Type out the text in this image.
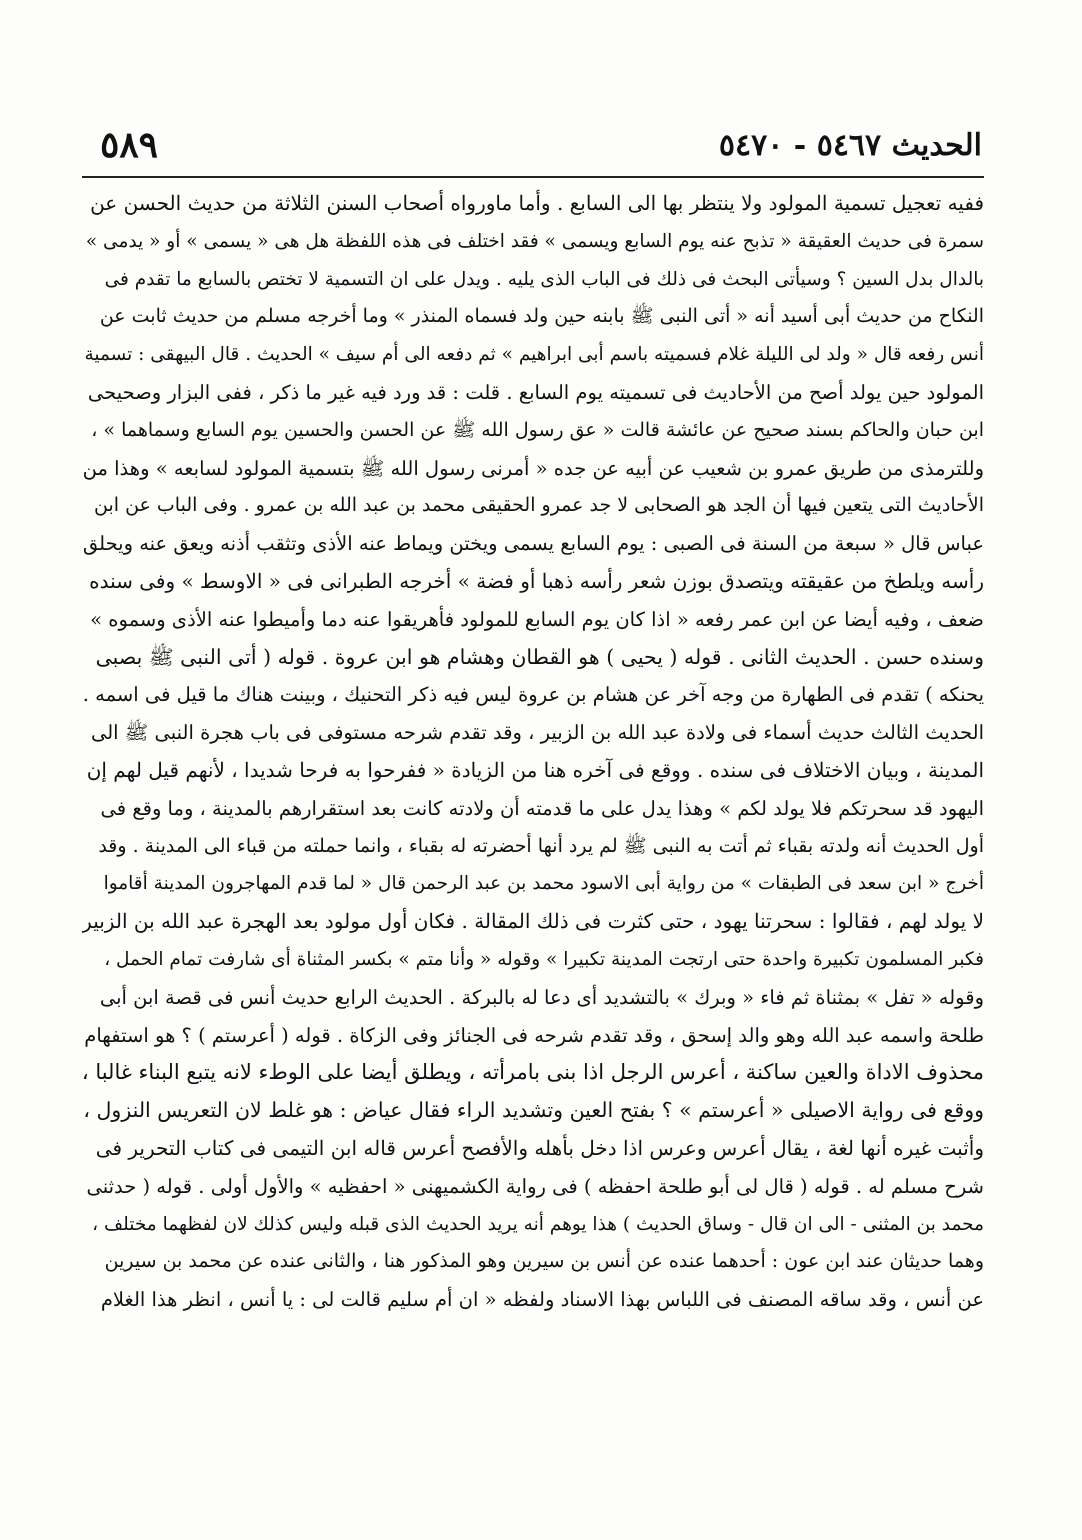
الحديث ٥٤٦٧ - ٥٤٧٠
٥٨٩
ففيه تعجيل تسمية المولود ولا ينتظر بها الى السابع . وأما ماورواه أصحاب السنن الثلاثة من حديث الحسن عن
سمرة فى حديث العقيقة « تذبح عنه يوم السابع ويسمى » فقد اختلف فى هذه اللفظة هل هى « يسمى » أو « يدمى »
بالدال بدل السين ؟ وسيأتى البحث فى ذلك فى الباب الذى يليه . ويدل على ان التسمية لا تختص بالسابع ما تقدم فى
النكاح من حديث أبى أسيد أنه « أتى النبى ﷺ بابنه حين ولد فسماه المنذر » وما أخرجه مسلم من حديث ثابت عن
أنس رفعه قال « ولد لى الليلة غلام فسميته باسم أبى ابراهيم » ثم دفعه الى أم سيف » الحديث . قال البيهقى : تسمية
المولود حين يولد أصح من الأحاديث فى تسميته يوم السابع . قلت : قد ورد فيه غير ما ذكر ، ففى البزار وصحيحى
ابن حبان والحاكم بسند صحيح عن عائشة قالت « عق رسول الله ﷺ عن الحسن والحسين يوم السابع وسماهما » ،
وللترمذى من طريق عمرو بن شعيب عن أبيه عن جده « أمرنى رسول الله ﷺ بتسمية المولود لسابعه » وهذا من
الأحاديث التى يتعين فيها أن الجد هو الصحابى لا جد عمرو الحقيقى محمد بن عبد الله بن عمرو . وفى الباب عن ابن
عباس قال « سبعة من السنة فى الصبى : يوم السابع يسمى ويختن ويماط عنه الأذى وتثقب أذنه ويعق عنه ويحلق
رأسه ويلطخ من عقيقته ويتصدق بوزن شعر رأسه ذهبا أو فضة » أخرجه الطبرانى فى « الاوسط » وفى سنده
ضعف ، وفيه أيضا عن ابن عمر رفعه « اذا كان يوم السابع للمولود فأهريقوا عنه دما وأميطوا عنه الأذى وسموه »
وسنده حسن . الحديث الثانى . قوله ( يحيى ) هو القطان وهشام هو ابن عروة . قوله ( أتى النبى ﷺ بصبى
يحنكه ) تقدم فى الطهارة من وجه آخر عن هشام بن عروة ليس فيه ذكر التحنيك ، وبينت هناك ما قيل فى اسمه .
الحديث الثالث حديث أسماء فى ولادة عبد الله بن الزبير ، وقد تقدم شرحه مستوفى فى باب هجرة النبى ﷺ الى
المدينة ، وبيان الاختلاف فى سنده . ووقع فى آخره هنا من الزيادة « ففرحوا به فرحا شديدا ، لأنهم قيل لهم إن
اليهود قد سحرتكم فلا يولد لكم » وهذا يدل على ما قدمته أن ولادته كانت بعد استقرارهم بالمدينة ، وما وقع فى
أول الحديث أنه ولدته بقباء ثم أتت به النبى ﷺ لم يرد أنها أحضرته له بقباء ، وانما حملته من قباء الى المدينة . وقد
أخرج « ابن سعد فى الطبقات » من رواية أبى الاسود محمد بن عبد الرحمن قال « لما قدم المهاجرون المدينة أقاموا
لا يولد لهم ، فقالوا : سحرتنا يهود ، حتى كثرت فى ذلك المقالة . فكان أول مولود بعد الهجرة عبد الله بن الزبير
فكبر المسلمون تكبيرة واحدة حتى ارتجت المدينة تكبيرا » وقوله « وأنا متم » بكسر المثناة أى شارفت تمام الحمل ،
وقوله « تفل » بمثناة ثم فاء « وبرك » بالتشديد أى دعا له بالبركة . الحديث الرابع حديث أنس فى قصة ابن أبى
طلحة واسمه عبد الله وهو والد إسحق ، وقد تقدم شرحه فى الجنائز وفى الزكاة . قوله ( أعرستم ) ؟ هو استفهام
محذوف الاداة والعين ساكنة ، أعرس الرجل اذا بنى بامرأته ، ويطلق أيضا على الوطء لانه يتبع البناء غالبا ،
ووقع فى رواية الاصيلى « أعرستم » ؟ بفتح العين وتشديد الراء فقال عياض : هو غلط لان التعريس النزول ،
وأثبت غيره أنها لغة ، يقال أعرس وعرس اذا دخل بأهله والأفصح أعرس قاله ابن التيمى فى كتاب التحرير فى
شرح مسلم له . قوله ( قال لى أبو طلحة احفظه ) فى رواية الكشميهنى « احفظيه » والأول أولى . قوله ( حدثنى
محمد بن المثنى - الى ان قال - وساق الحديث ) هذا يوهم أنه يريد الحديث الذى قبله وليس كذلك لان لفظهما مختلف ،
وهما حديثان عند ابن عون : أحدهما عنده عن أنس بن سيرين وهو المذكور هنا ، والثانى عنده عن محمد بن سيرين
عن أنس ، وقد ساقه المصنف فى اللباس بهذا الاسناد ولفظه « ان أم سليم قالت لى : يا أنس ، انظر هذا الغلام
